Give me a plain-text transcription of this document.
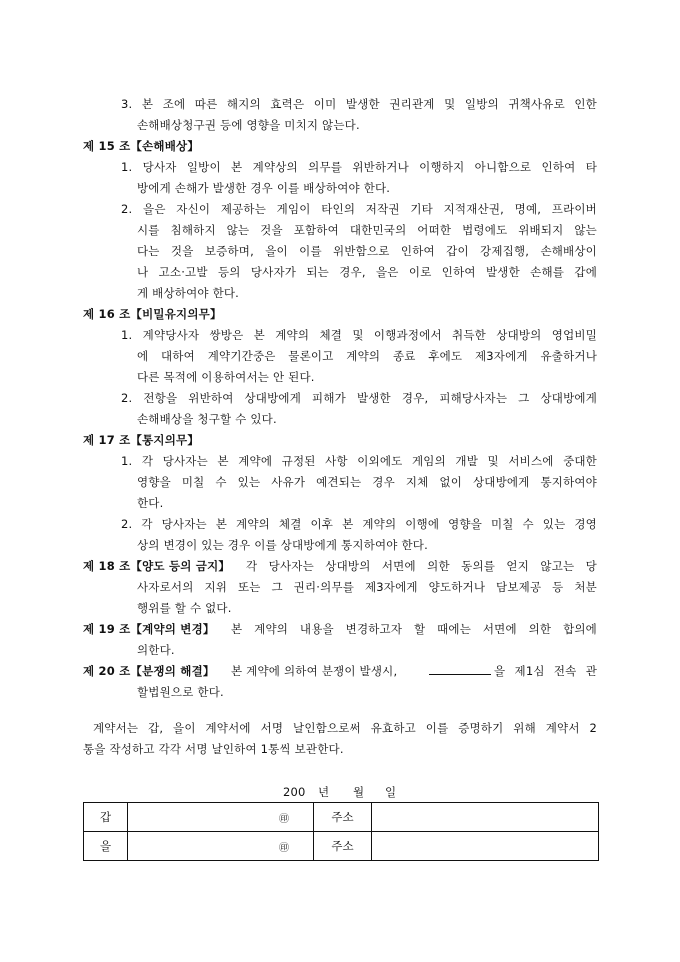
3. 본 조에 따른 해지의 효력은 이미 발생한 권리관계 및 일방의 귀책사유로 인한
손해배상청구권 등에 영향을 미치지 않는다.
제 15 조【손해배상】
1. 당사자 일방이 본 계약상의 의무를 위반하거나 이행하지 아니함으로 인하여 타
방에게 손해가 발생한 경우 이를 배상하여야 한다.
2. 을은 자신이 제공하는 게임이 타인의 저작권 기타 지적재산권, 명예, 프라이버
시를 침해하지 않는 것을 포함하여 대한민국의 어떠한 법령에도 위배되지 않는
다는 것을 보증하며, 을이 이를 위반함으로 인하여 갑이 강제집행, 손해배상이
나 고소·고발 등의 당사자가 되는 경우, 을은 이로 인하여 발생한 손해를 갑에
게 배상하여야 한다.
제 16 조【비밀유지의무】
1. 계약당사자 쌍방은 본 계약의 체결 및 이행과정에서 취득한 상대방의 영업비밀
에 대하여 계약기간중은 물론이고 계약의 종료 후에도 제3자에게 유출하거나
다른 목적에 이용하여서는 안 된다.
2. 전항을 위반하여 상대방에게 피해가 발생한 경우, 피해당사자는 그 상대방에게
손해배상을 청구할 수 있다.
제 17 조【통지의무】
1. 각 당사자는 본 계약에 규정된 사항 이외에도 게임의 개발 및 서비스에 중대한
영향을 미칠 수 있는 사유가 예견되는 경우 지체 없이 상대방에게 통지하여야
한다.
2. 각 당사자는 본 계약의 체결 이후 본 계약의 이행에 영향을 미칠 수 있는 경영
상의 변경이 있는 경우 이를 상대방에게 통지하여야 한다.
제 18 조【양도 등의 금지】 각 당사자는 상대방의 서면에 의한 동의를 얻지 않고는 당
사자로서의 지위 또는 그 권리·의무를 제3자에게 양도하거나 담보제공 등 처분
행위를 할 수 없다.
제 19 조【계약의 변경】 본 계약의 내용을 변경하고자 할 때에는 서면에 의한 합의에
의한다.
제 20 조【분쟁의 해결】 본 계약에 의하여 분쟁이 발생시,	을 제1심 전속 관
할법원으로 한다.
계약서는 갑, 을이 계약서에 서명 날인함으로써 유효하고 이를 증명하기 위해 계약서 2
통을 작성하고 각각 서명 날인하여 1통씩 보관한다.
200 년 월 일
갑	㊞	주소	
을	㊞	주소	
